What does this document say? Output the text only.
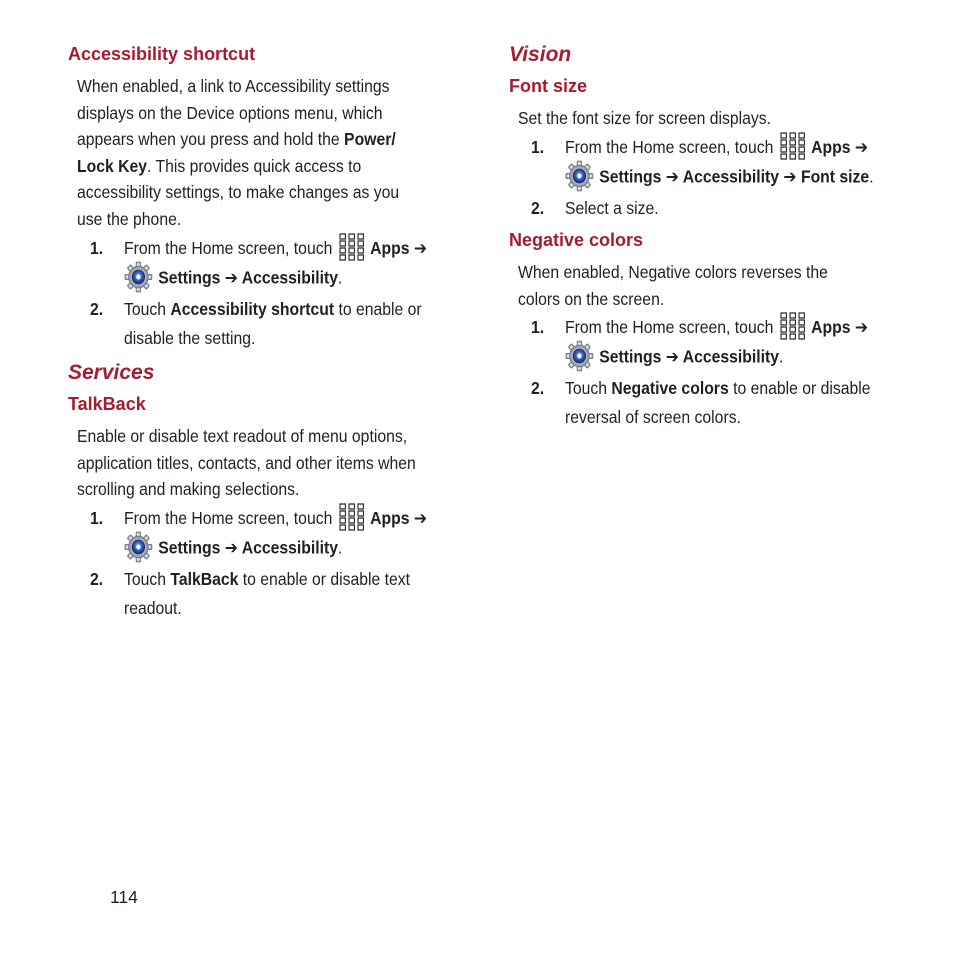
Accessibility shortcut
When enabled, a link to Accessibility settings
displays on the Device options menu, which
appears when you press and hold the Power/
Lock Key. This provides quick access to
accessibility settings, to make changes as you
use the phone.
1. From the Home screen, touch Apps ➔
Settings ➔ Accessibility.
2. Touch Accessibility shortcut to enable or
disable the setting.
Services
TalkBack
Enable or disable text readout of menu options,
application titles, contacts, and other items when
scrolling and making selections.
1. From the Home screen, touch Apps ➔
Settings ➔ Accessibility.
2. Touch TalkBack to enable or disable text
readout.
Vision
Font size
Set the font size for screen displays.
1. From the Home screen, touch Apps ➔
Settings ➔ Accessibility ➔ Font size.
2. Select a size.
Negative colors
When enabled, Negative colors reverses the
colors on the screen.
1. From the Home screen, touch Apps ➔
Settings ➔ Accessibility.
2. Touch Negative colors to enable or disable
reversal of screen colors.
114
